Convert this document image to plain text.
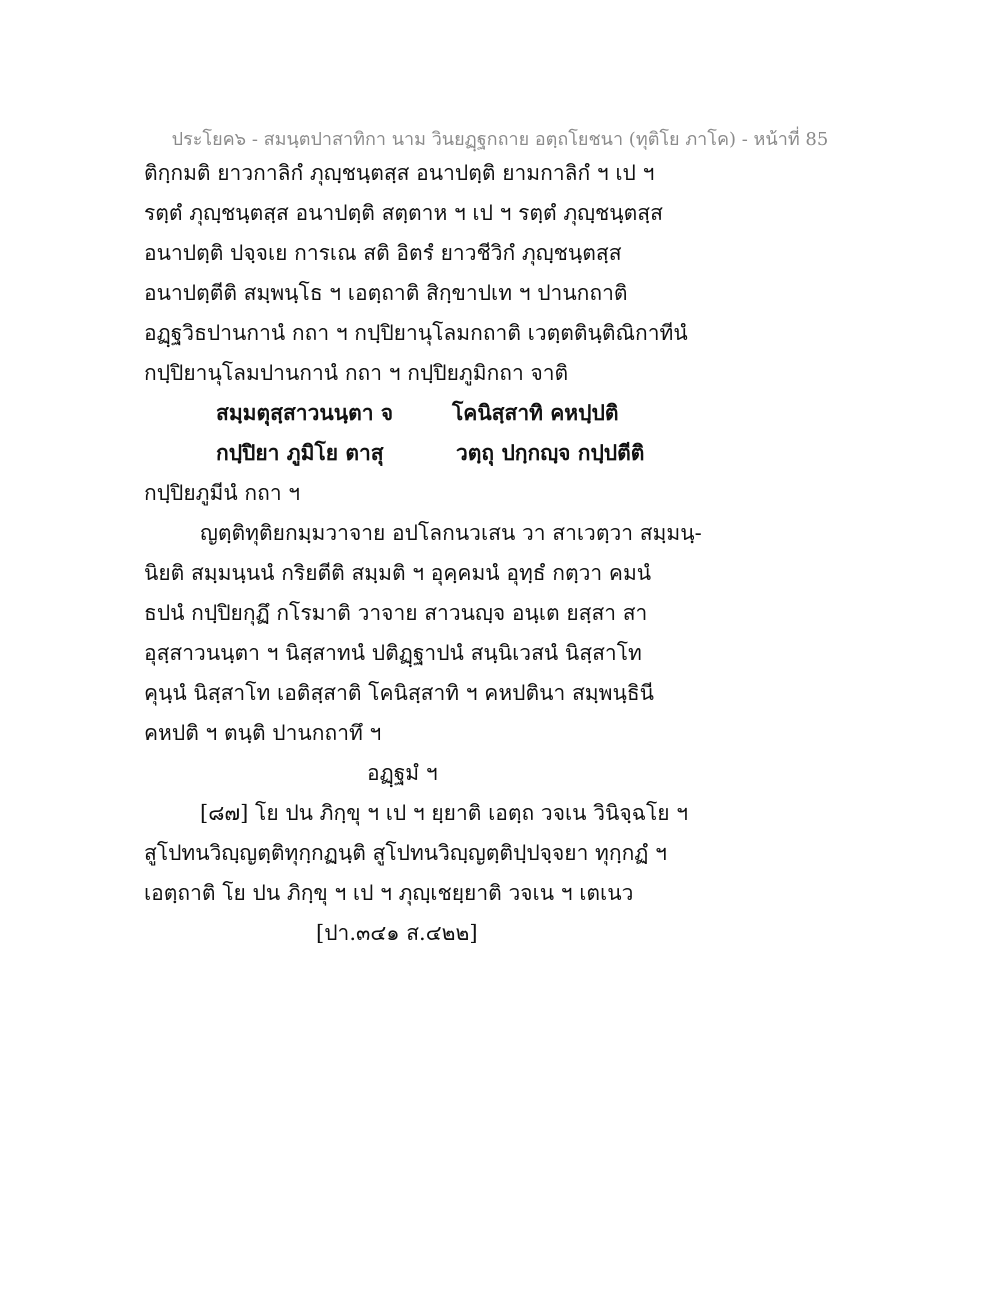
ประโยค๖ - สมนฺตปาสาทิกา นาม วินยฏฺฐกถาย อตฺถโยชนา (ทุติโย ภาโค) - หน้าที่ 85
ติกฺกมติ ยาวกาลิกํ ภุญฺชนฺตสฺส อนาปตฺติ ยามกาลิกํ ฯ เป ฯ
รตฺตํ ภุญฺชนฺตสฺส อนาปตฺติ สตฺตาห ฯ เป ฯ รตฺตํ ภุญฺชนฺตสฺส
อนาปตฺติ ปจฺจเย การเณ สติ อิตรํ ยาวชีวิกํ ภุญฺชนฺตสฺส
อนาปตฺตีติ สมฺพนฺโธ ฯ เอตฺถาติ สิกฺขาปเท ฯ ปานกถาติ
อฏฺฐวิธปานกานํ กถา ฯ กปฺปิยานุโลมกถาติ เวตฺตตินฺติณิกาทีนํ
กปฺปิยานุโลมปานกานํ กถา ฯ กปฺปิยภูมิกถา จาติ
สมฺมตุสฺสาวนนฺตา จ	โคนิสฺสาทิ คหปฺปติ
กปฺปิยา ภูมิโย ตาสุ	วตฺถุ ปกฺกญฺจ กปฺปตีติ
กปฺปิยภูมีนํ กถา ฯ
ญตฺติทุติยกมฺมวาจาย อปโลกนวเสน วา สาเวตฺวา สมฺมนฺ-
นิยติ สมฺมนฺนนํ กริยตีติ สมฺมติ ฯ อุคฺคมนํ อุทฺธํ กตฺวา คมนํ
ธปนํ กปฺปิยกุฏึ กโรมาติ วาจาย สาวนญฺจ อนฺเต ยสฺสา สา
อุสฺสาวนนฺตา ฯ นิสฺสาทนํ ปติฏฺฐาปนํ สนฺนิเวสนํ นิสฺสาโท
คุนฺนํ นิสฺสาโท เอติสฺสาติ โคนิสฺสาทิ ฯ คหปตินา สมฺพนฺธินี
คหปติ ฯ ตนฺติ ปานกถาทึ ฯ
อฏฺฐมํ ฯ
[๘๗] โย ปน ภิกฺขุ ฯ เป ฯ ยฺยาติ เอตฺถ วจเน วินิจฺฉโย ฯ
สูโปทนวิญฺญตฺติทุกฺกฏนฺติ สูโปทนวิญฺญตฺติปฺปจฺจยา ทุกฺกฏํ ฯ
เอตฺถาติ โย ปน ภิกฺขุ ฯ เป ฯ ภุญฺเชยฺยาติ วจเน ฯ เตเนว
[ปา.๓๔๑ ส.๔๒๒]
